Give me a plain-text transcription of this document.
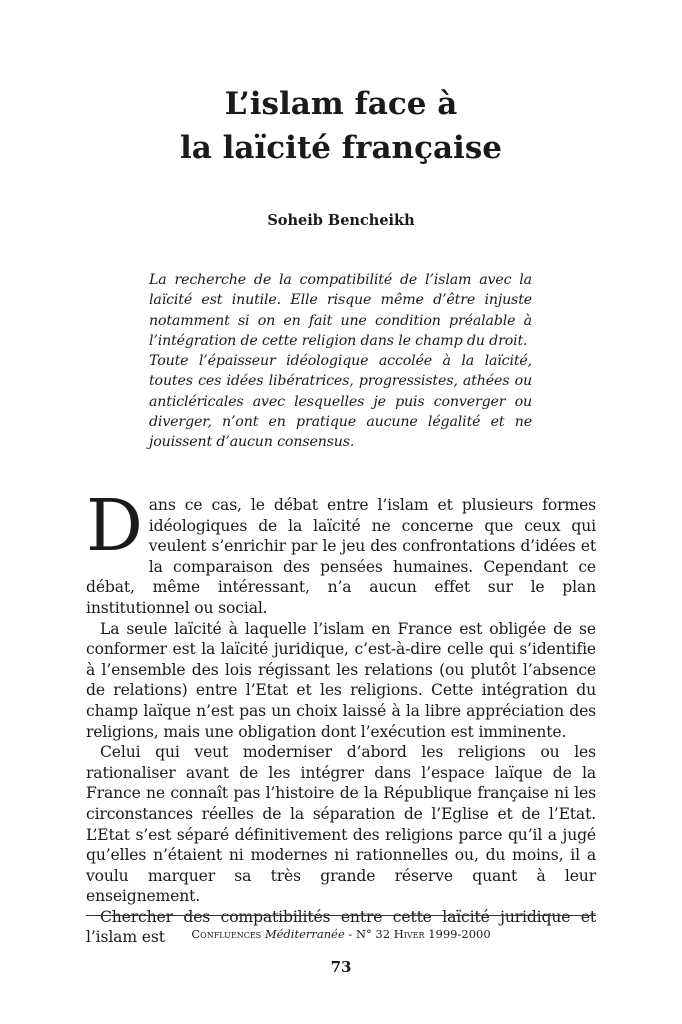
L’islam face à
la laïcité française
Soheib Bencheikh

La recherche de la compatibilité de l’islam avec la laïcité est inutile. Elle risque même d’être injuste notamment si on en fait une condition préalable à l’intégration de cette religion dans le champ du droit.

Toute l’épaisseur idéologique accolée à la laïcité, toutes ces idées libératrices, progressistes, athées ou anticléricales avec lesquelles je puis converger ou diverger, n’ont en pratique aucune légalité et ne jouissent d’aucun consensus.

Dans ce cas, le débat entre l’islam et plusieurs formes idéologiques de la laïcité ne concerne que ceux qui veulent s’enrichir par le jeu des confrontations d’idées et la comparaison des pensées humaines. Cependant ce débat, même intéressant, n’a aucun effet sur le plan institutionnel ou social.

La seule laïcité à laquelle l’islam en France est obligée de se conformer est la laïcité juridique, c’est-à-dire celle qui s’identifie à l’ensemble des lois régissant les relations (ou plutôt l’absence de relations) entre l’Etat et les religions. Cette intégration du champ laïque n’est pas un choix laissé à la libre appréciation des religions, mais une obligation dont l’exécution est imminente.

Celui qui veut moderniser d’abord les religions ou les rationaliser avant de les intégrer dans l’espace laïque de la France ne connaît pas l’histoire de la République française ni les circonstances réelles de la séparation de l’Eglise et de l’Etat. L’Etat s’est séparé définitivement des religions parce qu’il a jugé qu’elles n’étaient ni modernes ni rationnelles ou, du moins, il a voulu marquer sa très grande réserve quant à leur enseignement.

Chercher des compatibilités entre cette laïcité juridique et l’islam est	Confluences Méditerranée - N° 32 Hiver 1999-2000
73
